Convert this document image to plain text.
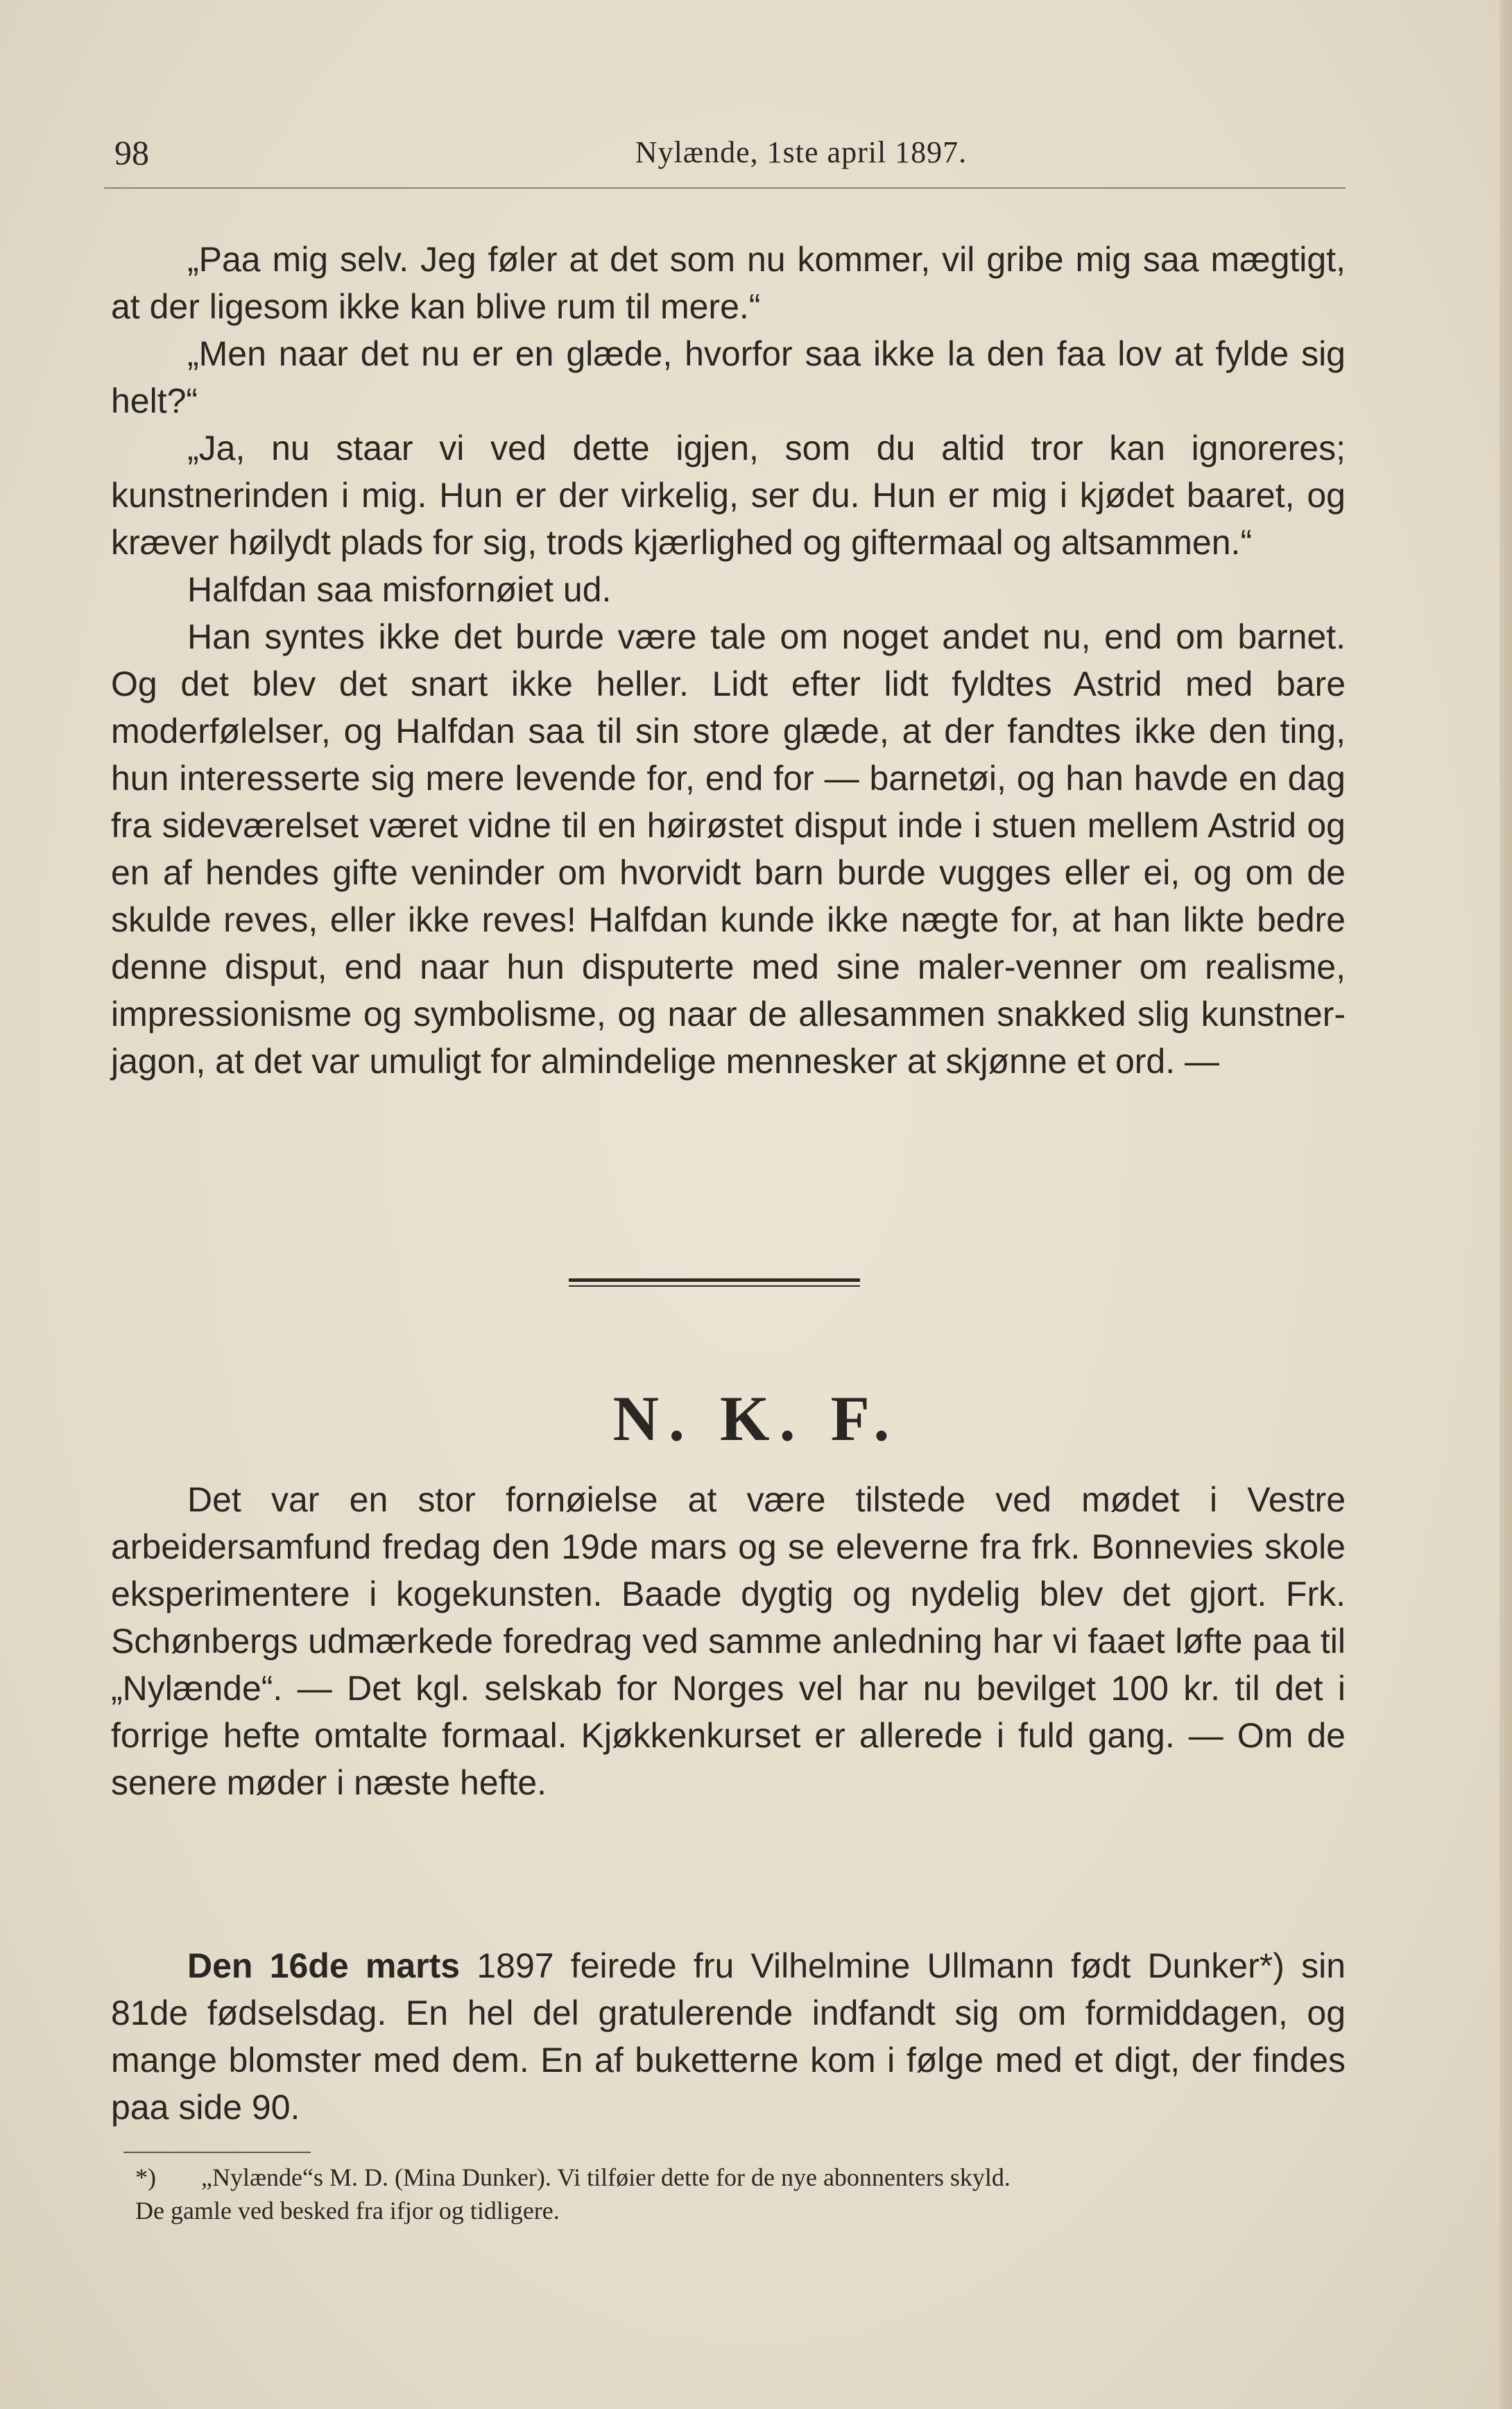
98	Nylænde, 1ste april 1897.

„Paa mig selv. Jeg føler at det som nu kommer, vil gribe mig saa mægtigt, at der ligesom ikke kan blive rum til mere.“

„Men naar det nu er en glæde, hvorfor saa ikke la den faa lov at fylde sig helt?“

„Ja, nu staar vi ved dette igjen, som du altid tror kan ignoreres; kunstnerinden i mig. Hun er der virkelig, ser du. Hun er mig i kjødet baaret, og kræver høilydt plads for sig, trods kjærlighed og giftermaal og altsammen.“

Halfdan saa misfornøiet ud.

Han syntes ikke det burde være tale om noget andet nu, end om barnet. Og det blev det snart ikke heller. Lidt efter lidt fyldtes Astrid med bare moderfølelser, og Halfdan saa til sin store glæde, at der fandtes ikke den ting, hun interesserte sig mere levende for, end for — barnetøi, og han havde en dag fra sideværelset været vidne til en høirøstet disput inde i stuen mellem Astrid og en af hendes gifte veninder om hvorvidt barn burde vugges eller ei, og om de skulde reves, eller ikke reves! Halfdan kunde ikke nægte for, at han likte bedre denne disput, end naar hun disputerte med sine maler-venner om realisme, impressionisme og symbolisme, og naar de allesammen snakked slig kunstner-jagon, at det var umuligt for almindelige mennesker at skjønne et ord. —

N. K. F.

Det var en stor fornøielse at være tilstede ved mødet i Vestre arbeidersamfund fredag den 19de mars og se eleverne fra frk. Bonnevies skole eksperimentere i kogekunsten. Baade dygtig og nydelig blev det gjort. Frk. Schønbergs udmærkede foredrag ved samme anledning har vi faaet løfte paa til „Nylænde“. — Det kgl. selskab for Norges vel har nu bevilget 100 kr. til det i forrige hefte omtalte formaal. Kjøkkenkurset er allerede i fuld gang. — Om de senere møder i næste hefte.

Den 16de marts 1897 feirede fru Vilhelmine Ullmann født Dunker*) sin 81de fødselsdag. En hel del gratulerende indfandt sig om formiddagen, og mange blomster med dem. En af buketterne kom i følge med et digt, der findes paa side 90.

*) „Nylænde“s M. D. (Mina Dunker). Vi tilføier dette for de nye abonnenters skyld.

De gamle ved besked fra ifjor og tidligere.
